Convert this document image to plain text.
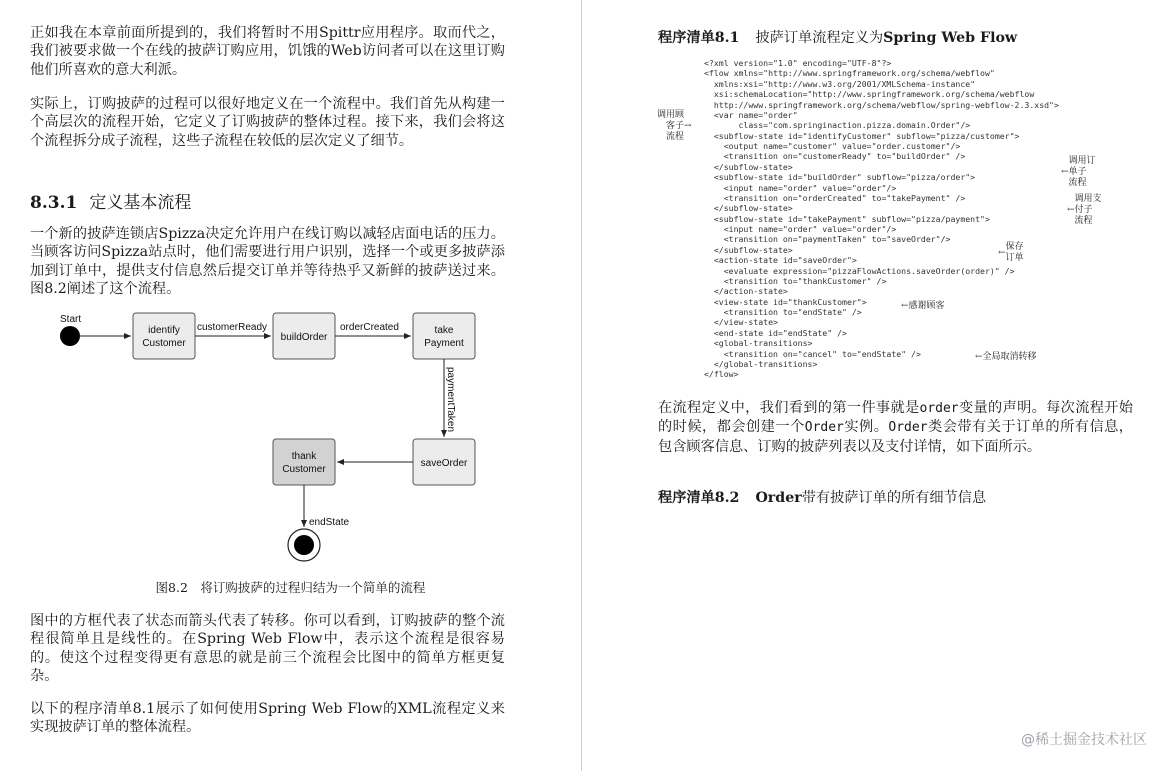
正如我在本章前面所提到的，我们将暂时不用Spittr应用程序。取而代之，我们被要求做一个在线的披萨订购应用，饥饿的Web访问者可以在这里订购他们所喜欢的意大利派。

实际上，订购披萨的过程可以很好地定义在一个流程中。我们首先从构建一个高层次的流程开始，它定义了订购披萨的整体过程。接下来，我们会将这个流程拆分成子流程，这些子流程在较低的层次定义了细节。

8.3.1 定义基本流程

一个新的披萨连锁店Spizza决定允许用户在线订购以减轻店面电话的压力。当顾客访问Spizza站点时，他们需要进行用户识别，选择一个或更多披萨添加到订单中，提供支付信息然后提交订单并等待热乎又新鲜的披萨送过来。图8.2阐述了这个流程。

Start
identify
Customer
customerReady
buildOrder
orderCreated	take
Payment
paymentTaken
saveOrder
thank
Customer
endState

图8.2　将订购披萨的过程归结为一个简单的流程

图中的方框代表了状态而箭头代表了转移。你可以看到，订购披萨的整个流程很简单且是线性的。在Spring Web Flow中，表示这个流程是很容易的。使这个过程变得更有意思的就是前三个流程会比图中的简单方框更复杂。

以下的程序清单8.1展示了如何使用Spring Web Flow的XML流程定义来实现披萨订单的整体流程。

程序清单8.1 披萨订单流程定义为Spring Web Flow

<?xml version="1.0" encoding="UTF-8"?>
<flow xmlns="http://www.springframework.org/schema/webflow"
xmlns:xsi="http://www.w3.org/2001/XMLSchema-instance"
xsi:schemaLocation="http://www.springframework.org/schema/webflow
http://www.springframework.org/schema/webflow/spring-webflow-2.3.xsd">
<var name="order"
class="com.springinaction.pizza.domain.Order"/>
<subflow-state id="identifyCustomer" subflow="pizza/customer">
<output name="customer" value="order.customer"/>
<transition on="customerReady" to="buildOrder" />
</subflow-state>
<subflow-state id="buildOrder" subflow="pizza/order">
<input name="order" value="order"/>
<transition on="orderCreated" to="takePayment" />
</subflow-state>
<subflow-state id="takePayment" subflow="pizza/payment">
<input name="order" value="order"/>
<transition on="paymentTaken" to="saveOrder"/>
</subflow-state>
<action-state id="saveOrder">
<evaluate expression="pizzaFlowActions.saveOrder(order)" />
<transition to="thankCustomer" />
</action-state>
<view-state id="thankCustomer">
<transition to="endState" />
</view-state>
<end-state id="endState" />
<global-transitions>
<transition on="cancel" to="endState" />
</global-transitions>
</flow>
调用顾
客子
流程→
←调用订
单子
流程
←调用支
付子
流程
←保存
订单
←感谢顾客
←全局取消转移

在流程定义中，我们看到的第一件事就是order变量的声明。每次流程开始的时候，都会创建一个Order实例。Order类会带有关于订单的所有信息，包含顾客信息、订购的披萨列表以及支付详情，如下面所示。

程序清单8.2 Order带有披萨订单的所有细节信息

@稀土掘金技术社区
